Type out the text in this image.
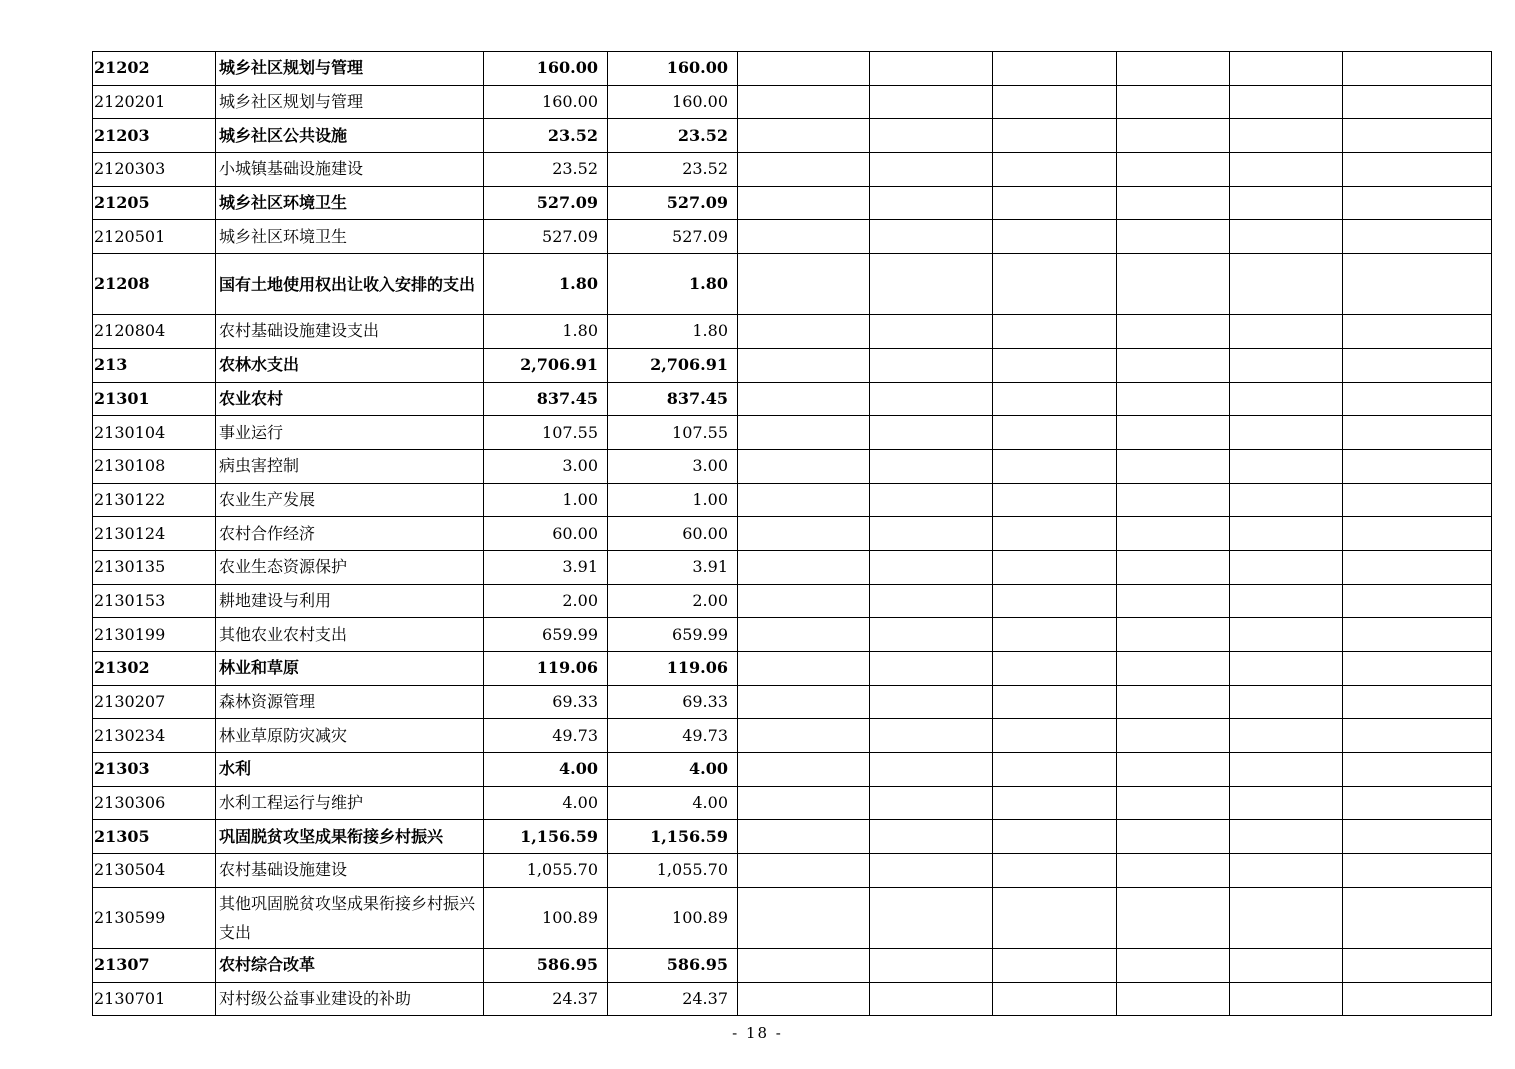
21202	城乡社区规划与管理	160.00	160.00						
2120201	城乡社区规划与管理	160.00	160.00						
21203	城乡社区公共设施	23.52	23.52						
2120303	小城镇基础设施建设	23.52	23.52						
21205	城乡社区环境卫生	527.09	527.09						
2120501	城乡社区环境卫生	527.09	527.09						
21208	国有土地使用权出让收入安排的支出	1.80	1.80						
2120804	农村基础设施建设支出	1.80	1.80						
213	农林水支出	2,706.91	2,706.91						
21301	农业农村	837.45	837.45						
2130104	事业运行	107.55	107.55						
2130108	病虫害控制	3.00	3.00						
2130122	农业生产发展	1.00	1.00						
2130124	农村合作经济	60.00	60.00						
2130135	农业生态资源保护	3.91	3.91						
2130153	耕地建设与利用	2.00	2.00						
2130199	其他农业农村支出	659.99	659.99						
21302	林业和草原	119.06	119.06						
2130207	森林资源管理	69.33	69.33						
2130234	林业草原防灾减灾	49.73	49.73						
21303	水利	4.00	4.00						
2130306	水利工程运行与维护	4.00	4.00						
21305	巩固脱贫攻坚成果衔接乡村振兴	1,156.59	1,156.59						
2130504	农村基础设施建设	1,055.70	1,055.70						
2130599	其他巩固脱贫攻坚成果衔接乡村振兴支出	100.89	100.89						
21307	农村综合改革	586.95	586.95						
2130701	对村级公益事业建设的补助	24.37	24.37						
- 18 -
